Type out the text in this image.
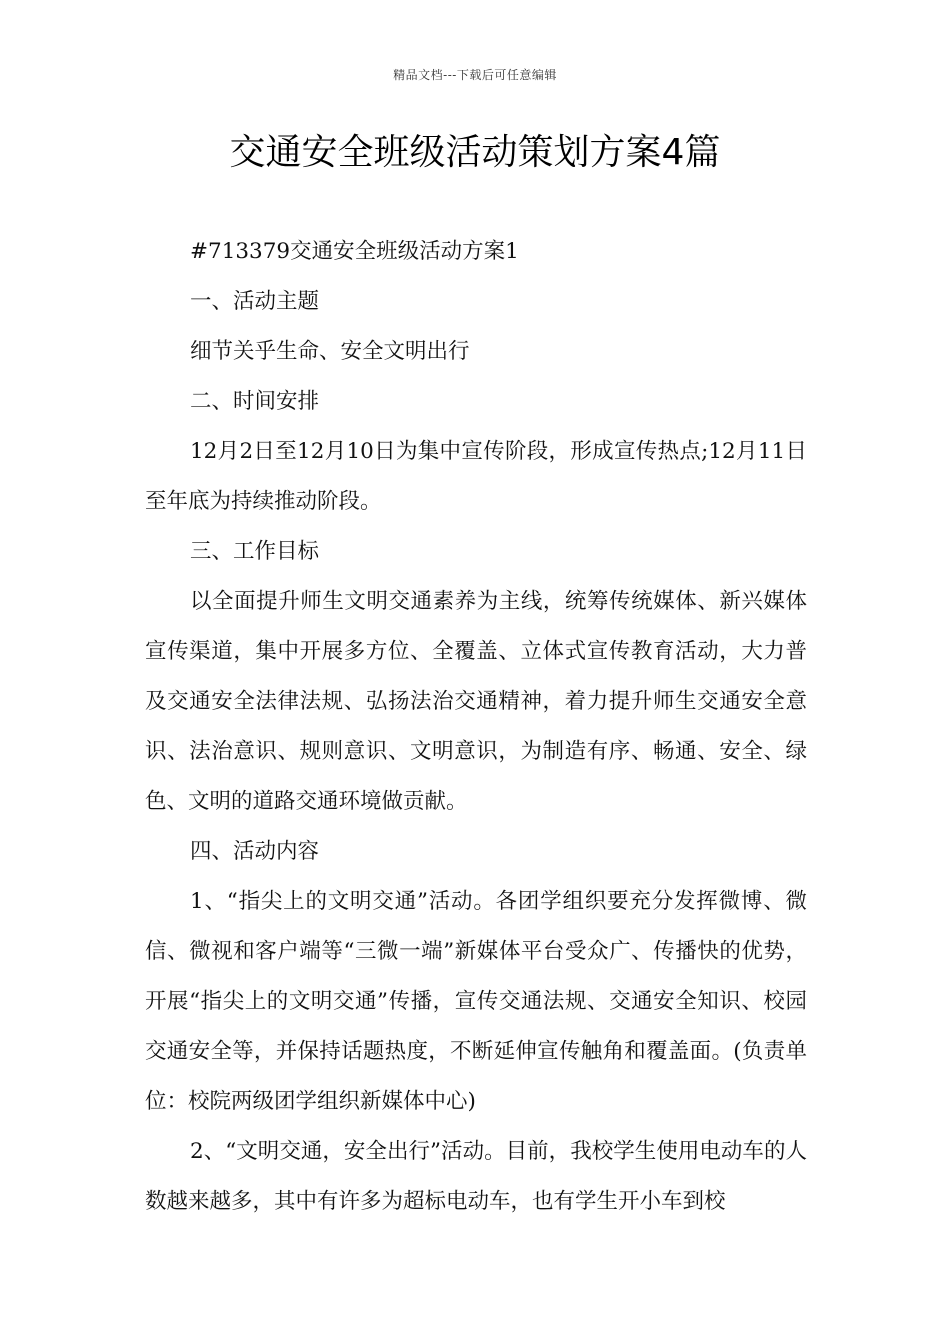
精品文档---下载后可任意编辑
交通安全班级活动策划方案4篇

#713379交通安全班级活动方案1

一、活动主题

细节关乎生命、安全文明出行

二、时间安排

12月2日至12月10日为集中宣传阶段，形成宣传热点;12月11日至年底为持续推动阶段。

三、工作目标

以全面提升师生文明交通素养为主线，统筹传统媒体、新兴媒体宣传渠道，集中开展多方位、全覆盖、立体式宣传教育活动，大力普及交通安全法律法规、弘扬法治交通精神，着力提升师生交通安全意识、法治意识、规则意识、文明意识，为制造有序、畅通、安全、绿色、文明的道路交通环境做贡献。

四、活动内容

1、“指尖上的文明交通”活动。各团学组织要充分发挥微博、微信、微视和客户端等“三微一端”新媒体平台受众广、传播快的优势，开展“指尖上的文明交通”传播，宣传交通法规、交通安全知识、校园交通安全等，并保持话题热度，不断延伸宣传触角和覆盖面。(负责单位：校院两级团学组织新媒体中心)

2、“文明交通，安全出行”活动。目前，我校学生使用电动车的人数越来越多，其中有许多为超标电动车，也有学生开小车到校
